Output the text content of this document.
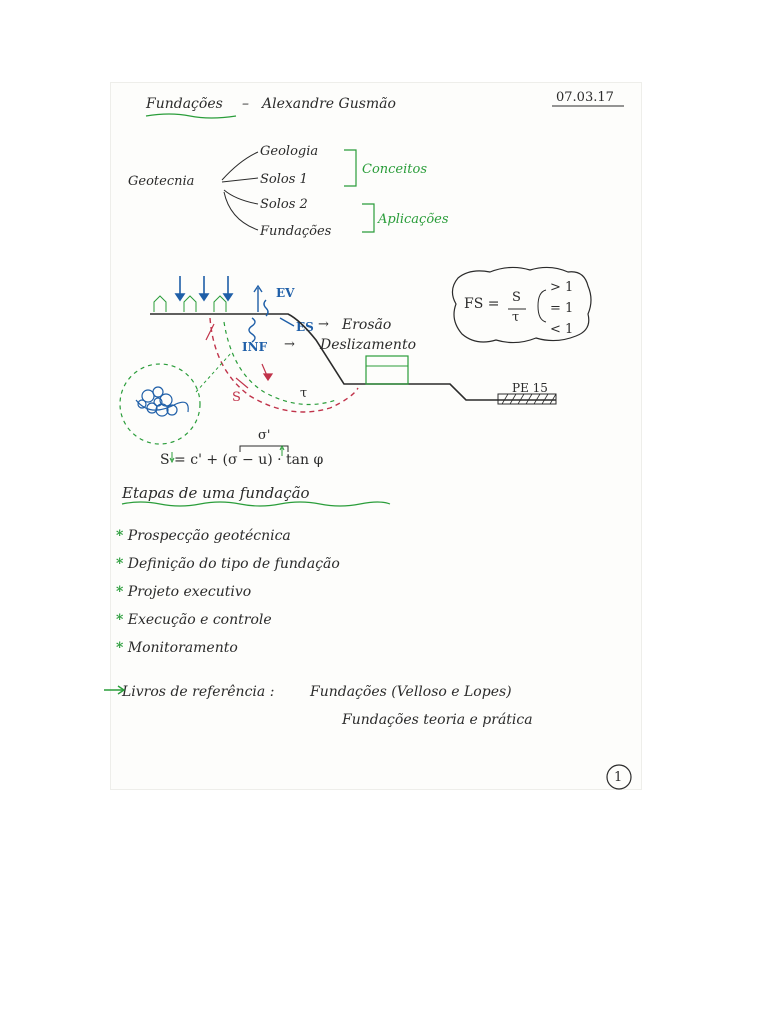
Fundações – Alexandre Gusmão	07.03.17
Geotecnia
Geologia
Solos 1
Solos 2
Fundações
Conceitos
Aplicações
EV
ES → Erosão
INF → Deslizamento
S	τ	PE 15
FS = S
τ
> 1
= 1
< 1
σ'
S = c' + (σ − u) · tan φ
Etapas de uma fundação
* Prospecção geotécnica
* Definição do tipo de fundação
* Projeto executivo
* Execução e controle
* Monitoramento
Livros de referência :	Fundações (Velloso e Lopes)
Fundações teoria e prática
1
